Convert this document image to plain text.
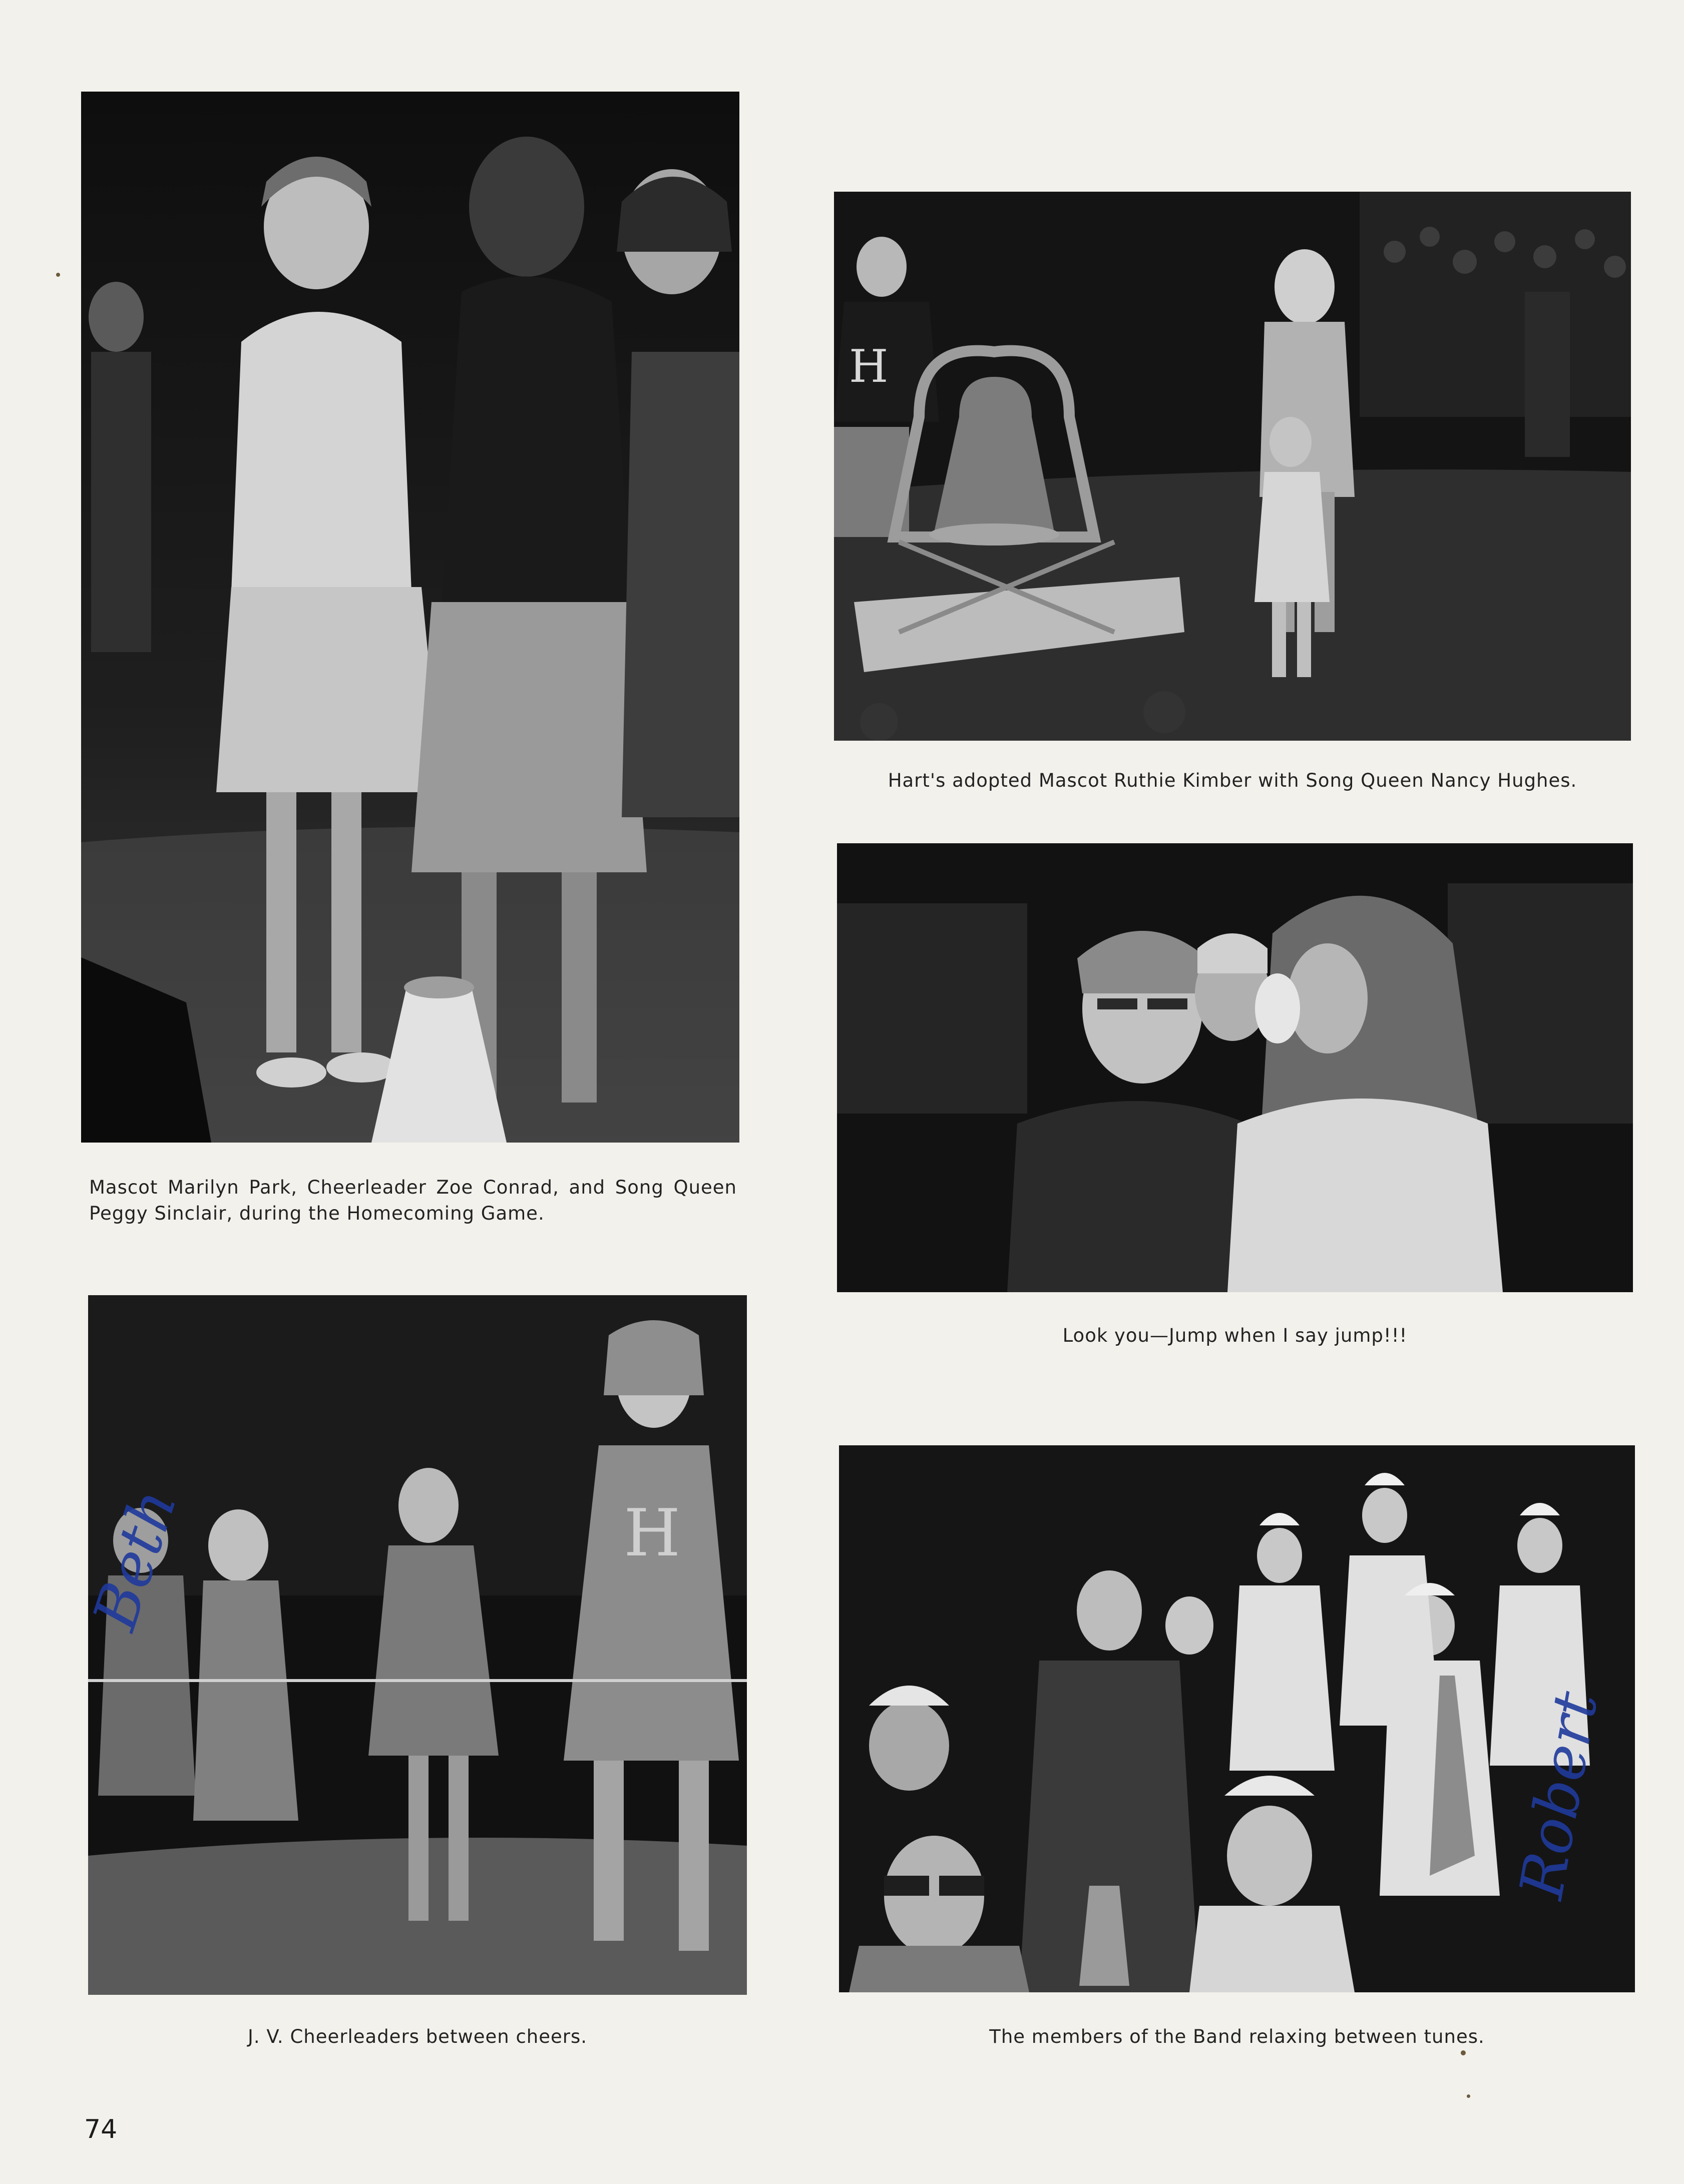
Mascot Marilyn Park, Cheerleader Zoe Conrad, and Song Queen Peggy Sinclair, during the Homecoming Game.
H
Hart's adopted Mascot Ruthie Kimber with Song Queen Nancy Hughes.
Look you—Jump when I say jump!!!
H
J. V. Cheerleaders between cheers.	The members of the Band relaxing between tunes.
Beth
Robert
74
